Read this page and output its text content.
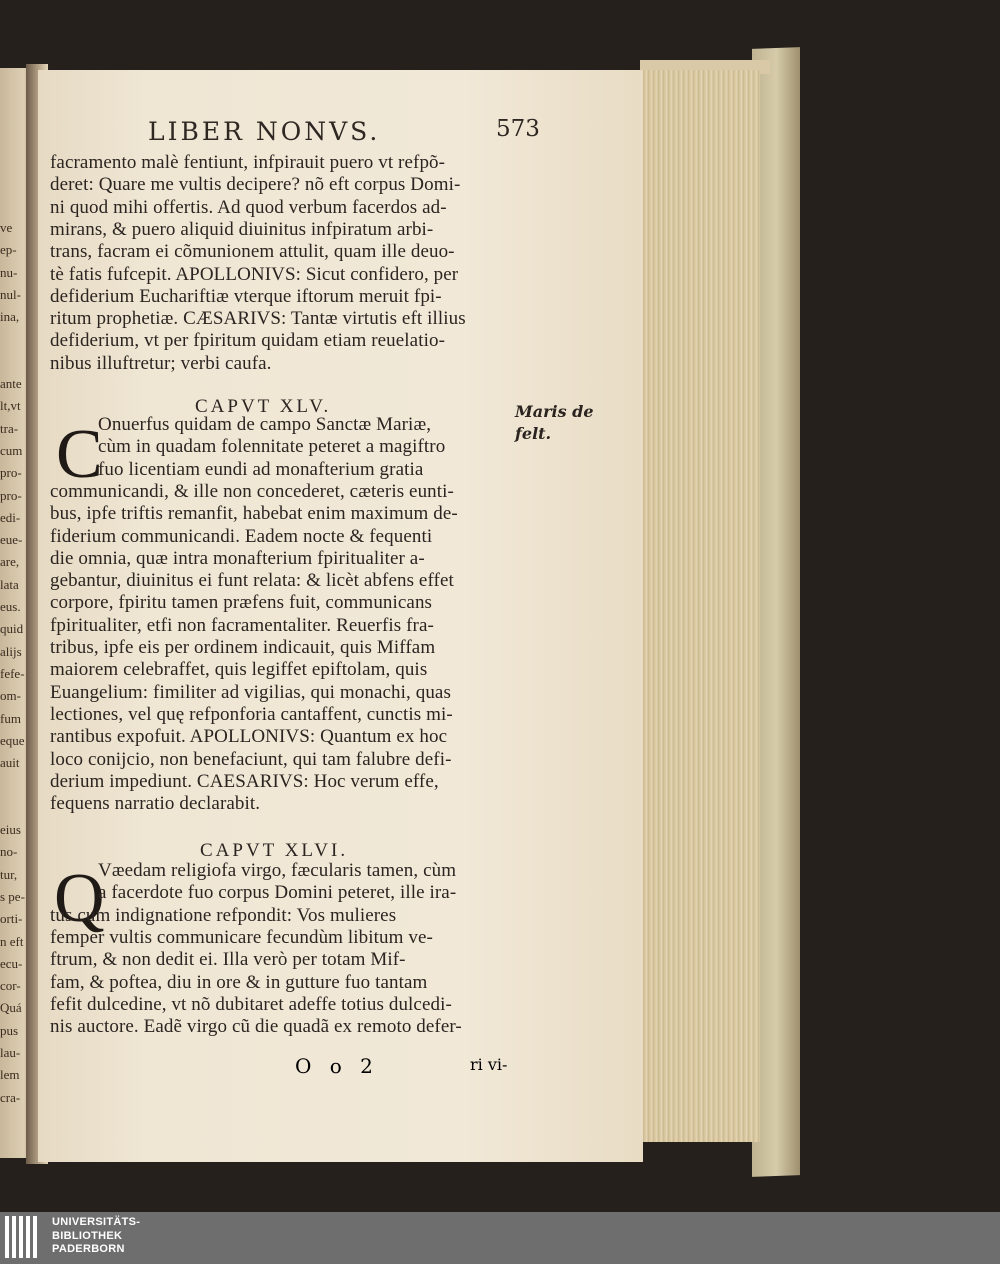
ve
ep-
nu-
nul-
ina,
ante
lt,vt
tra-
cum
pro-
pro-
edi-
eue-
are,
lata
eus.
quid
alijs
fefe-
om-
fum
eque
auit
eius
no-
tur,
s pe-
orti-
n eft
ecu-
cor-
Quá
pus
lau-
lem
cra-
LIBER NONVS.	573
facramento malè fentiunt, infpirauit puero vt refpõ-
deret: Quare me vultis decipere? nõ eft corpus Domi-
ni quod mihi offertis. Ad quod verbum facerdos ad-
mirans, & puero aliquid diuinitus infpiratum arbi-
trans, facram ei cõmunionem attulit, quam ille deuo-
tè fatis fufcepit. APOLLONIVS: Sicut confidero, per
defiderium Euchariftiæ vterque iftorum meruit fpi-
ritum prophetiæ. CÆSARIVS: Tantæ virtutis eft illius
defiderium, vt per fpiritum quidam etiam reuelatio-
nibus illuftretur; verbi caufa.
CAPVT XLV.
C
Onuerfus quidam de campo Sanctæ Mariæ,
cùm in quadam folennitate peteret a magiftro
fuo licentiam eundi ad monafterium gratia
communicandi, & ille non concederet, cæteris eunti-
bus, ipfe triftis remanfit, habebat enim maximum de-
fiderium communicandi. Eadem nocte & fequenti
die omnia, quæ intra monafterium fpiritualiter a-
gebantur, diuinitus ei funt relata: & licèt abfens effet
corpore, fpiritu tamen præfens fuit, communicans
fpiritualiter, etfi non facramentaliter. Reuerfis fra-
tribus, ipfe eis per ordinem indicauit, quis Miffam
maiorem celebraffet, quis legiffet epiftolam, quis
Euangelium: fimiliter ad vigilias, qui monachi, quas
lectiones, vel quę refponforia cantaffent, cunctis mi-
rantibus expofuit. APOLLONIVS: Quantum ex hoc
loco conijcio, non benefaciunt, qui tam falubre defi-
derium impediunt. CAESARIVS: Hoc verum effe,
fequens narratio declarabit.
CAPVT XLVI.
Q
Væedam religiofa virgo, fæcularis tamen, cùm
a facerdote fuo corpus Domini peteret, ille ira-
tus cum indignatione refpondit: Vos mulieres
femper vultis communicare fecundùm libitum ve-
ftrum, & non dedit ei. Illa verò per totam Mif-
fam, & poftea, diu in ore & in gutture fuo tantam
fefit dulcedine, vt nõ dubitaret adeffe totius dulcedi-
nis auctore. Eadẽ virgo cũ die quadã ex remoto defer-
Maris de
felt.
O o 2	ri vi-
UNIVERSITÄTS-
BIBLIOTHEK
PADERBORN
